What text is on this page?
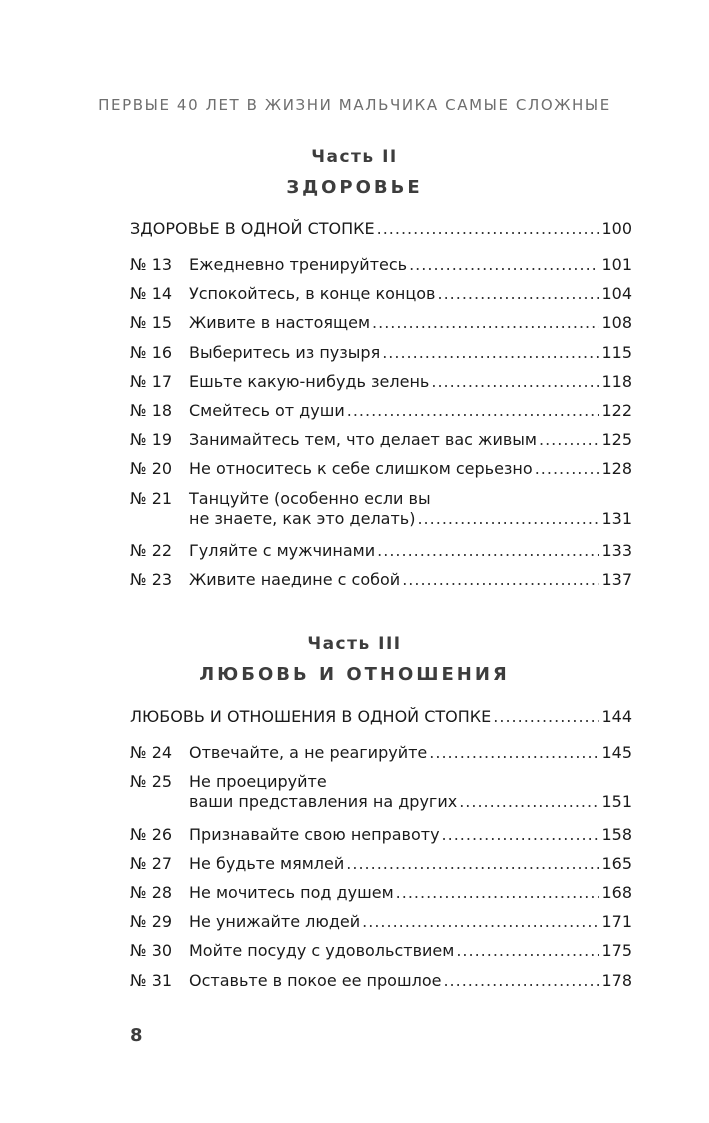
ПЕРВЫЕ 40 ЛЕТ В ЖИЗНИ МАЛЬЧИКА САМЫЕ СЛОЖНЫЕ
Часть II
ЗДОРОВЬЕ
ЗДОРОВЬЕ В ОДНОЙ СТОПКЕ .....	100
№ 13	Ежедневно тренируйтесь .....	101
№ 14	Успокойтесь, в конце концов .....	104
№ 15	Живите в настоящем .....	108
№ 16	Выберитесь из пузыря .....	115
№ 17	Ешьте какую-нибудь зелень .....	118
№ 18	Смейтесь от души .....	122
№ 19	Занимайтесь тем, что делает вас живым .....	125
№ 20	Не относитесь к себе слишком серьезно .....	128
№ 21	Танцуйте (особенно если вы
не знаете, как это делать) .....	131
№ 22	Гуляйте с мужчинами .....	133
№ 23	Живите наедине с собой .....	137
Часть III
ЛЮБОВЬ И ОТНОШЕНИЯ
ЛЮБОВЬ И ОТНОШЕНИЯ В ОДНОЙ СТОПКЕ .....	144
№ 24	Отвечайте, а не реагируйте .....	145
№ 25	Не проецируйте
ваши представления на других .....	151
№ 26	Признавайте свою неправоту .....	158
№ 27	Не будьте мямлей .....	165
№ 28	Не мочитесь под душем .....	168
№ 29	Не унижайте людей .....	171
№ 30	Мойте посуду с удовольствием .....	175
№ 31	Оставьте в покое ее прошлое .....	178
8
